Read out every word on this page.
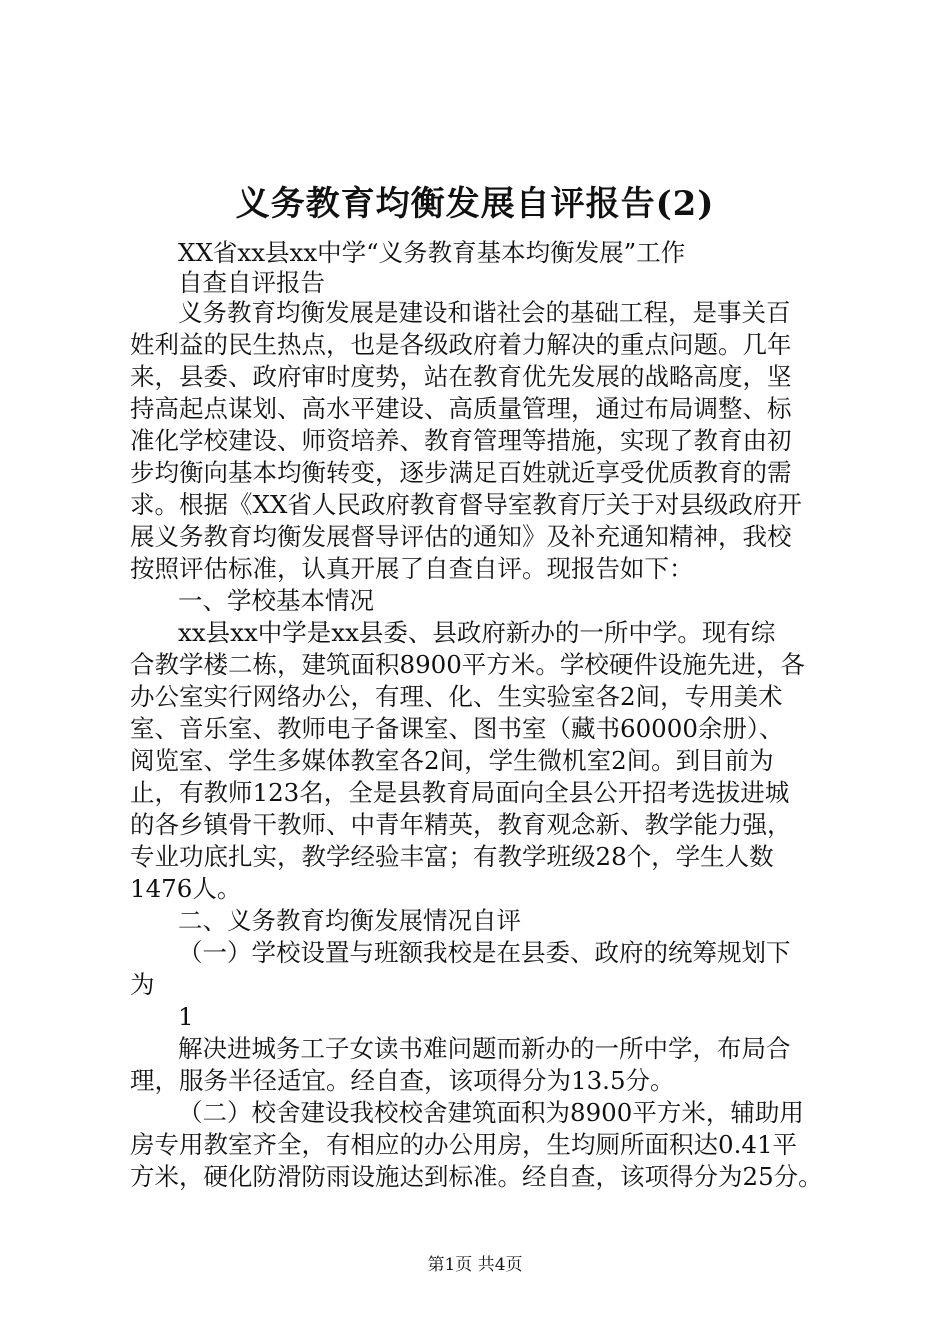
义务教育均衡发展自评报告(2)
XX省xx县xx中学“义务教育基本均衡发展”工作
自查自评报告
义务教育均衡发展是建设和谐社会的基础工程，是事关百
姓利益的民生热点，也是各级政府着力解决的重点问题。几年
来，县委、政府审时度势，站在教育优先发展的战略高度，坚
持高起点谋划、高水平建设、高质量管理，通过布局调整、标
准化学校建设、师资培养、教育管理等措施，实现了教育由初
步均衡向基本均衡转变，逐步满足百姓就近享受优质教育的需
求。根据《XX省人民政府教育督导室教育厅关于对县级政府开
展义务教育均衡发展督导评估的通知》及补充通知精神，我校
按照评估标准，认真开展了自查自评。现报告如下：
一、学校基本情况
xx县xx中学是xx县委、县政府新办的一所中学。现有综
合教学楼二栋，建筑面积8900平方米。学校硬件设施先进，各
办公室实行网络办公，有理、化、生实验室各2间，专用美术
室、音乐室、教师电子备课室、图书室（藏书60000余册）、
阅览室、学生多媒体教室各2间，学生微机室2间。到目前为
止，有教师123名，全是县教育局面向全县公开招考选拔进城
的各乡镇骨干教师、中青年精英，教育观念新、教学能力强，
专业功底扎实，教学经验丰富；有教学班级28个，学生人数
1476人。
二、义务教育均衡发展情况自评
（一）学校设置与班额我校是在县委、政府的统筹规划下
为
1
解决进城务工子女读书难问题而新办的一所中学，布局合
理，服务半径适宜。经自查，该项得分为13.5分。
（二）校舍建设我校校舍建筑面积为8900平方米，辅助用
房专用教室齐全，有相应的办公用房，生均厕所面积达0.41平
方米，硬化防滑防雨设施达到标准。经自查，该项得分为25分。
第1页 共4页
